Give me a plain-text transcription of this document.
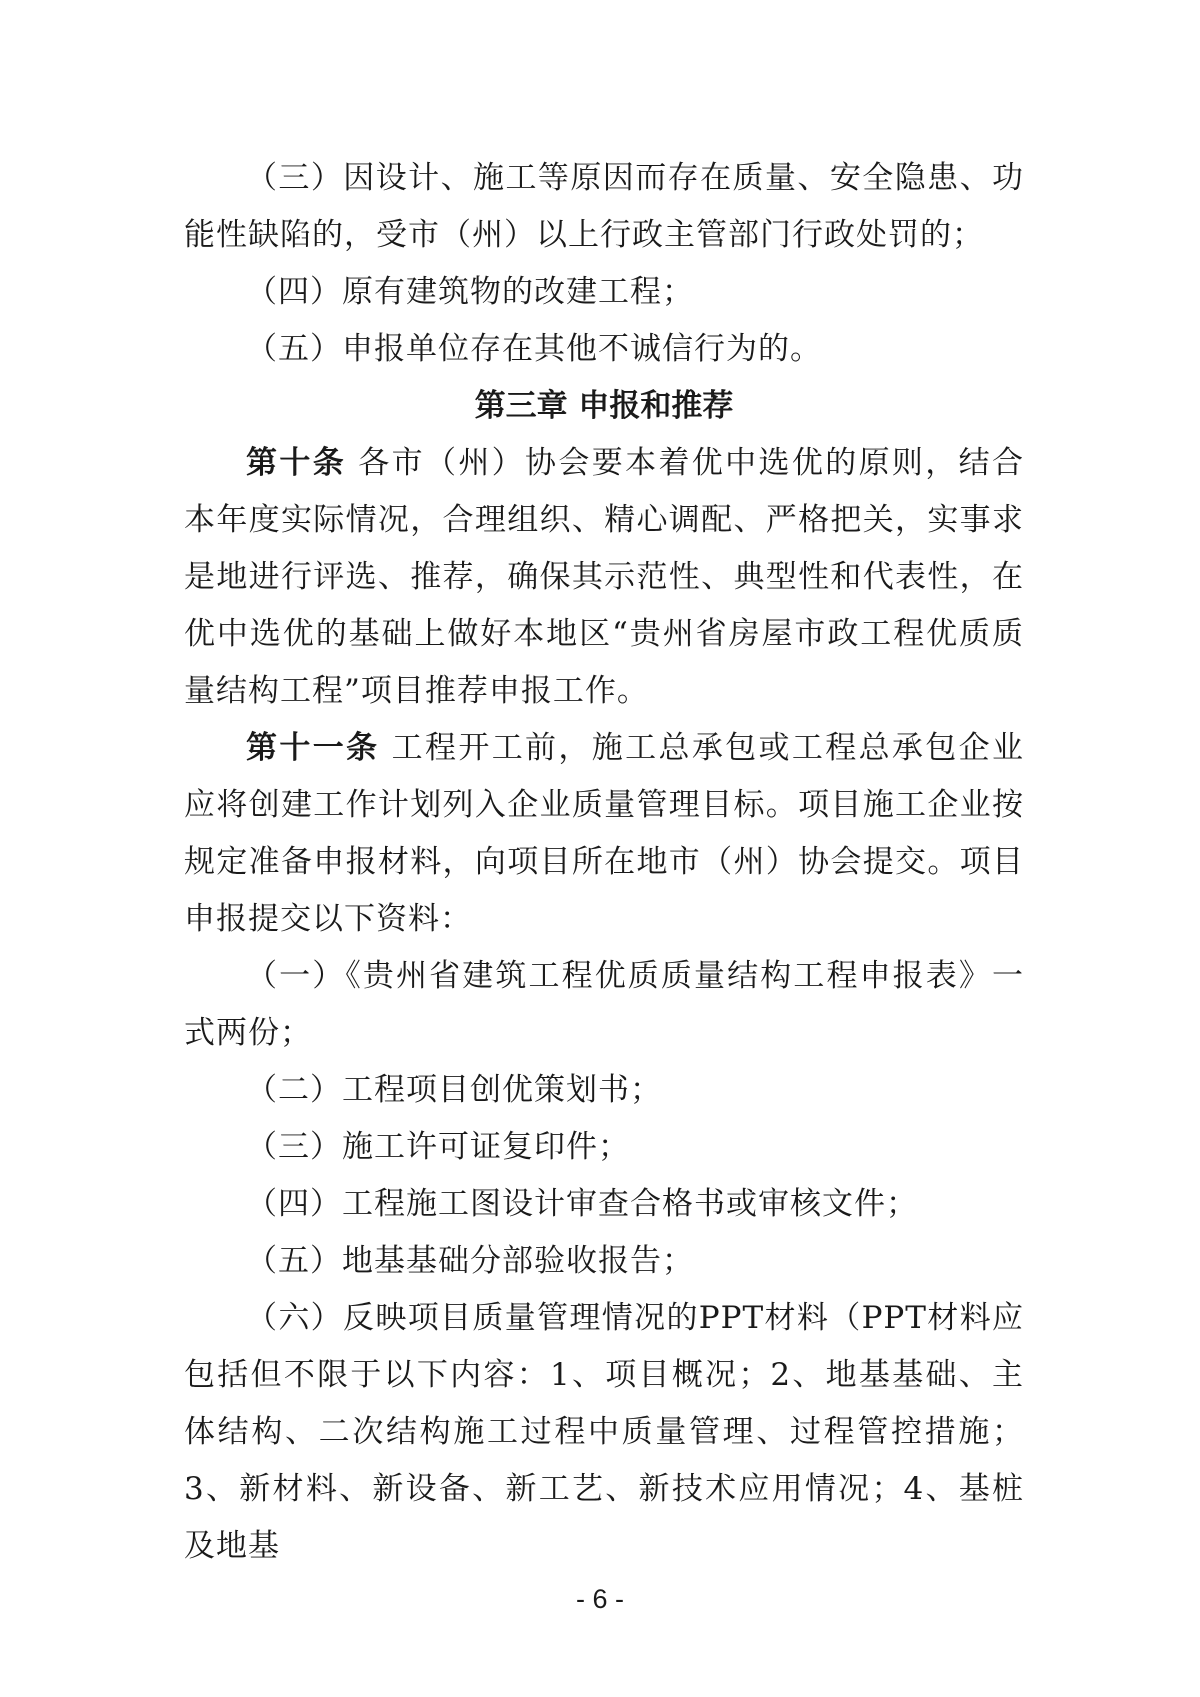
（三）因设计、施工等原因而存在质量、安全隐患、功能性缺陷的，受市（州）以上行政主管部门行政处罚的；

（四）原有建筑物的改建工程；

（五）申报单位存在其他不诚信行为的。

第三章 申报和推荐

第十条 各市（州）协会要本着优中选优的原则，结合本年度实际情况，合理组织、精心调配、严格把关，实事求是地进行评选、推荐，确保其示范性、典型性和代表性，在优中选优的基础上做好本地区“贵州省房屋市政工程优质质量结构工程”项目推荐申报工作。

第十一条 工程开工前，施工总承包或工程总承包企业应将创建工作计划列入企业质量管理目标。项目施工企业按规定准备申报材料，向项目所在地市（州）协会提交。项目申报提交以下资料：

（一）《贵州省建筑工程优质质量结构工程申报表》一式两份；

（二）工程项目创优策划书；

（三）施工许可证复印件；

（四）工程施工图设计审查合格书或审核文件；

（五）地基基础分部验收报告；

（六）反映项目质量管理情况的PPT材料（PPT材料应包括但不限于以下内容：1、项目概况；2、地基基础、主体结构、二次结构施工过程中质量管理、过程管控措施；3、新材料、新设备、新工艺、新技术应用情况；4、基桩及地基

- 6 -
